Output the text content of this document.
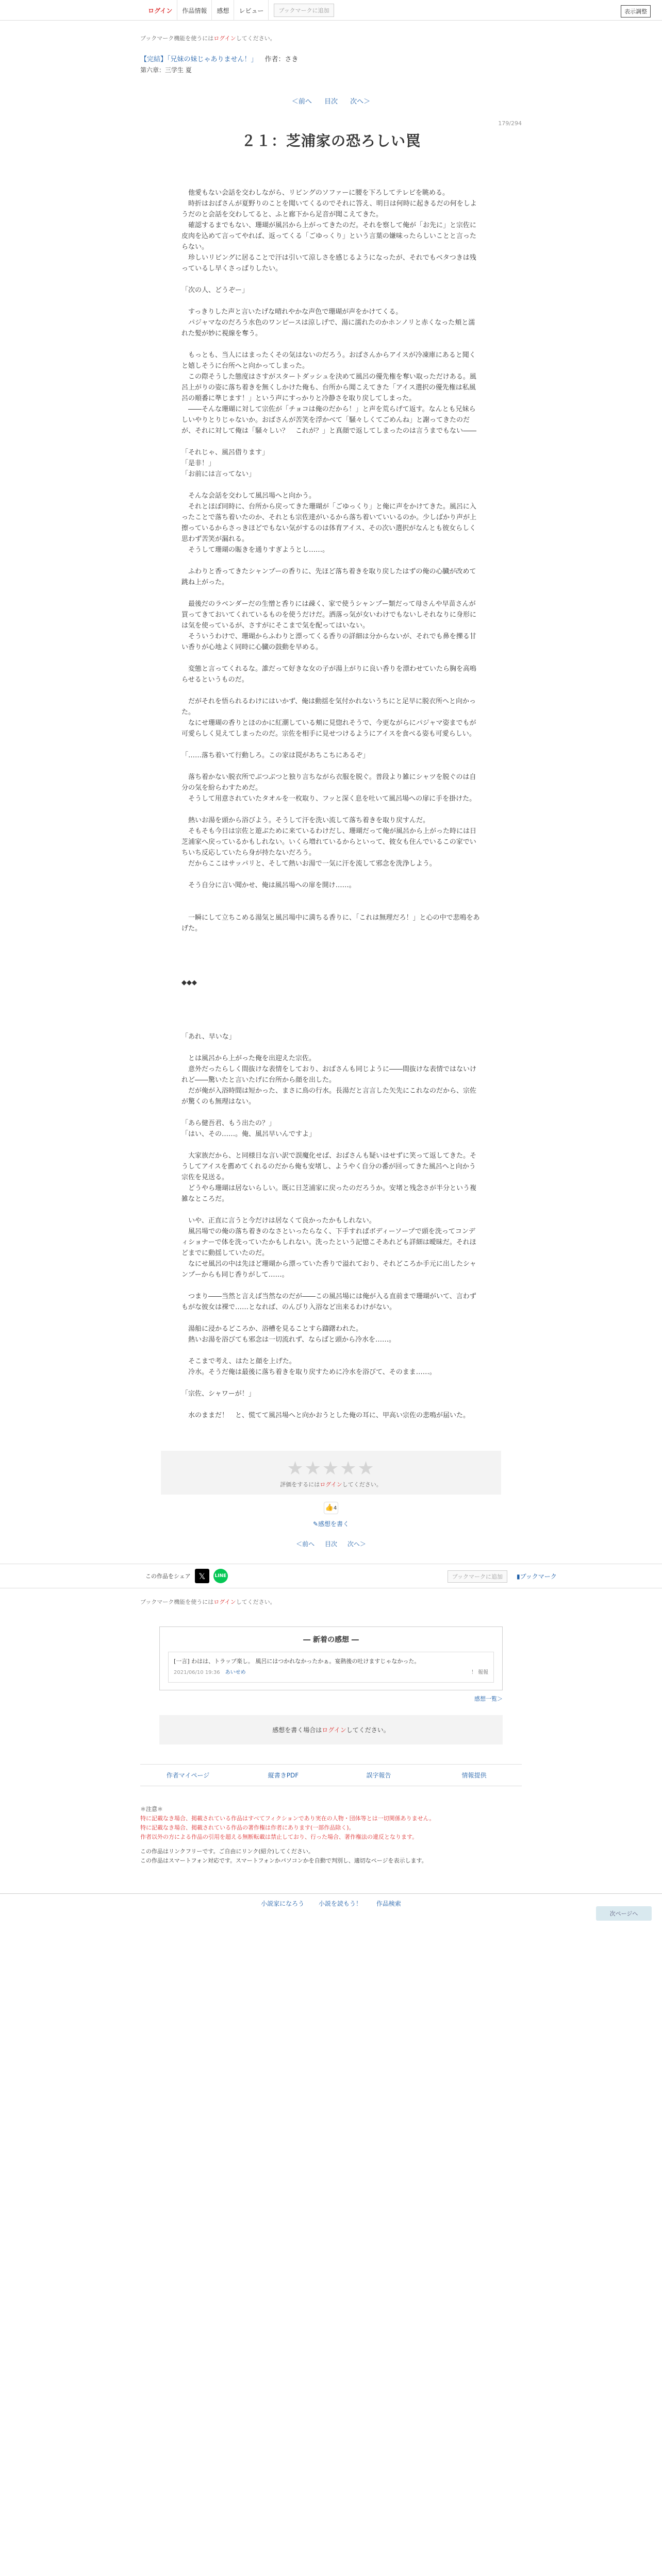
ログイン	作品情報	感想	レビュー	ブックマークに追加	表示調整
ブックマーク機能を使うにはログインしてください。
【完結】「兄妹の妹じゃありません！」 作者：さき
第六章：三学生 夏
＜前へ 目次 次へ＞
179/294
２１：芝浦家の恐ろしい罠

　他愛もない会話を交わしながら、リビングのソファーに腰を下ろしてテレビを眺める。

　時折はおばさんが夏野りのことを聞いてくるのでそれに答え、明日は何時に起きるだの何をしようだのと会話を交わしてると、ふと廊下から足音が聞こえてきた。

　確認するまでもない、珊瑚が風呂から上がってきたのだ。それを察して俺が「お先に」と宗佐に皮肉を込めて言ってやれば、返ってくる「ごゆっくり」という言葉の嫌味ったらしいことと言ったらない。

　珍しいリビングに居ることで汗は引いて涼しさを感じるようになったが、それでもベタつきは残っているし早くさっぱりしたい。

「次の人、どうぞー」

　すっきりした声と言いたげな晴れやかな声色で珊瑚が声をかけてくる。

　パジャマなのだろう水色のワンピースは涼しげで、湯に濡れたのかホンノリと赤くなった頬と濡れた髪が妙に視線を奪う。

　もっとも、当人にはまったくその気はないのだろう。おばさんからアイスが冷凍庫にあると聞くと嬉しそうに台所へと向かってしまった。

　この際そうした態度はさすがスタートダッシュを決めて風呂の優先権を奪い取っただけある。風呂上がりの姿に落ち着きを無くしかけた俺も、台所から聞こえてきた「アイス選択の優先権は私風呂の順番に準じます！」という声にすっかりと冷静さを取り戻してしまった。

　――そんな珊瑚に対して宗佐が「チョコは俺のだから！」と声を荒らげて返す。なんとも兄妹らしいやりとりじゃないか。おばさんが苦笑を浮かべて「騒々しくてごめんね」と謝ってきたのだが、それに対して俺は「騒々しい？　これが？」と真顔で返してしまったのは言うまでもない――

「それじゃ、風呂借ります」

「是非！」

「お前には言ってない」

　そんな会話を交わして風呂場へと向かう。

　それとほぼ同時に、台所から戻ってきた珊瑚が「ごゆっくり」と俺に声をかけてきた。風呂に入ったことで落ち着いたのか、それとも宗佐達がいるから落ち着いていいるのか。少しばかり声が上擦っているからさっきほどでもない気がするのは体育アイス、その次い選択がなんとも彼女らしく思わず苦笑が漏れる。

　そうして珊瑚の賑きを通りすぎようとし……。

　ふわりと香ってきたシャンプーの香りに、先ほど落ち着きを取り戻したはずの俺の心臓が改めて跳ね上がった。

　最後だのラベンダーだの生憎と香りには疎く、家で使うシャンプー類だって母さんや早苗さんが買ってきておいてくれているものを使うだけだ。洒落っ気が女いわけでもないしそれなりに身形には気を使っているが、さすがにそこまで気を配ってはいない。

　そういうわけで、珊瑚からふわりと漂ってくる香りの詳細は分からないが、それでも鼻を擽る甘い香りが心地よく同時に心臓の鼓動を早める。

　変態と言ってくれるな。誰だって好きな女の子が湯上がりに良い香りを漂わせていたら胸を高鳴らせるというものだ。

　だがそれを悟られるわけにはいかず、俺は動揺を気付かれないうちにと足早に脱衣所へと向かった。

　なにせ珊瑚の香りとほのかに紅潮している頬に見惚れそうで、今更ながらにパジャマ姿までもが可愛らしく見えてしまったのだ。宗佐を相手に見せつけるようにアイスを食べる姿も可愛らしい。

「……落ち着いて行動しろ。この家は罠があちこちにあるぞ」

　落ち着かない脱衣所でぶつぶつと独り言ちながら衣服を脱ぐ。普段より雑にシャツを脱ぐのは自分の気を紛らわすためだ。

　そうして用意されていたタオルを一枚取り、フッと深く息を吐いて風呂場への扉に手を掛けた。

　熱いお湯を頭から浴びよう。そうして汗を洗い流して落ち着きを取り戻すんだ。

　そもそも今日は宗佐と遊ぶために来ているわけだし、珊瑚だって俺が風呂から上がった時には日芝浦家へ戻っているかもしれない。いくら増れているからといって、彼女も住んでいるこの家でいちいち反応していたら身が持たないだろう。

　だからここはサッパリと、そして熱いお湯で一気に汗を流して邪念を洗浄しよう。

　そう自分に言い聞かせ、俺は風呂場への扉を開け……。

　一瞬にして立ちこめる湯気と風呂場中に満ちる香りに、「これは無理だろ！」と心の中で悲鳴をあげた。

◆◆◆

「あれ、早いな」

　とは風呂から上がった俺を出迎えた宗佐。

　意外だったらしく間抜けな表情をしており、おばさんも同じように――間抜けな表情ではないけれど――驚いたと言いたげに台所から顔を出した。

　だが俺が入浴時間は短かった、まさに鳥の行水。長湯だと言言した矢先にこれなのだから、宗佐が驚くのも無理はない。

「あら健吾君、もう出たの？」

「はい、その……。俺、風呂早いんですよ」

　大家族だから、と同様日な言い訳で誤魔化せば、おばさんも疑いはせずに笑って返してきた。そうしてアイスを薦めてくれるのだから俺も安堵し、ようやく自分の番が回ってきた風呂へと向かう宗佐を見送る。

　どうやら珊瑚は居ないらしい。既に日芝浦家に戻ったのだろうか。安堵と残念さが半分という複雑なところだ。

　いや、正直に言うと今だけは居なくて良かったかもしれない。

　風呂場での俺の落ち着きのなさといったらなく、下手すればボディーソープで頭を洗ってコンディショナーで体を洗っていたかもしれない。洗ったという記憶こそあれども詳細は曖昧だ。それほどまでに動揺していたのだ。

　なにせ風呂の中は先ほど珊瑚から漂っていた香りで溢れており、それどころか手元に出したシャンプーからも同じ香りがして……。

　つまり――当然と言えば当然なのだが――この風呂場には俺が入る直前まで珊瑚がいて、言わずもがな彼女は裸で……となれば、のんびり入浴など出来るわけがない。

　湯船に浸かるどころか、浴槽を見ることすら躊躇われた。

　熱いお湯を浴びても邪念は一切流れず、ならばと頭から冷水を……。

　そこまで考え、はたと顔を上げた。

　冷水。そうだ俺は最後に落ち着きを取り戻すために冷水を浴びて、そのまま……。

「宗佐、シャワーが！」

　水のままだ！　と、慌てて風呂場へと向かおうとした俺の耳に、甲高い宗佐の悲鳴が届いた。

次ページへ
★★★★★
評価をするにはログインしてください。
👍4
✎感想を書く
＜前へ 目次 次へ＞
この作品をシェア 𝕏	LINE	ブックマークに追加	▮ブックマーク
ブックマーク機能を使うにはログインしてください。
― 新着の感想 ―
[一言] わはは、トラップ楽し。 風呂にはつかれなかったかぁ。宴熱後の吐けますじゃなかった。
2021/06/10 19:36 あいせめ	！ 報報
感想一覧＞
感想を書く場合はログインしてください。
作者マイページ	縦書きPDF	誤字報告	情報提供
＊注意＊
特に記載なき場合、掲載されている作品はすべてフィクションであり実在の人物・団体等とは一切関係ありません。
特に記載なき場合、掲載されている作品の著作権は作者にあります(一部作品除く)。
作者以外の方による作品の引用を超える無断転載は禁止しており、行った場合、著作権法の違反となります。
この作品はリンクフリーです。ご自由にリンク(紹介)してください。
この作品はスマートフォン対応です。スマートフォンかパソコンかを自動で判別し、適切なページを表示します。
小説家になろう 小説を読もう！ 作品検索
